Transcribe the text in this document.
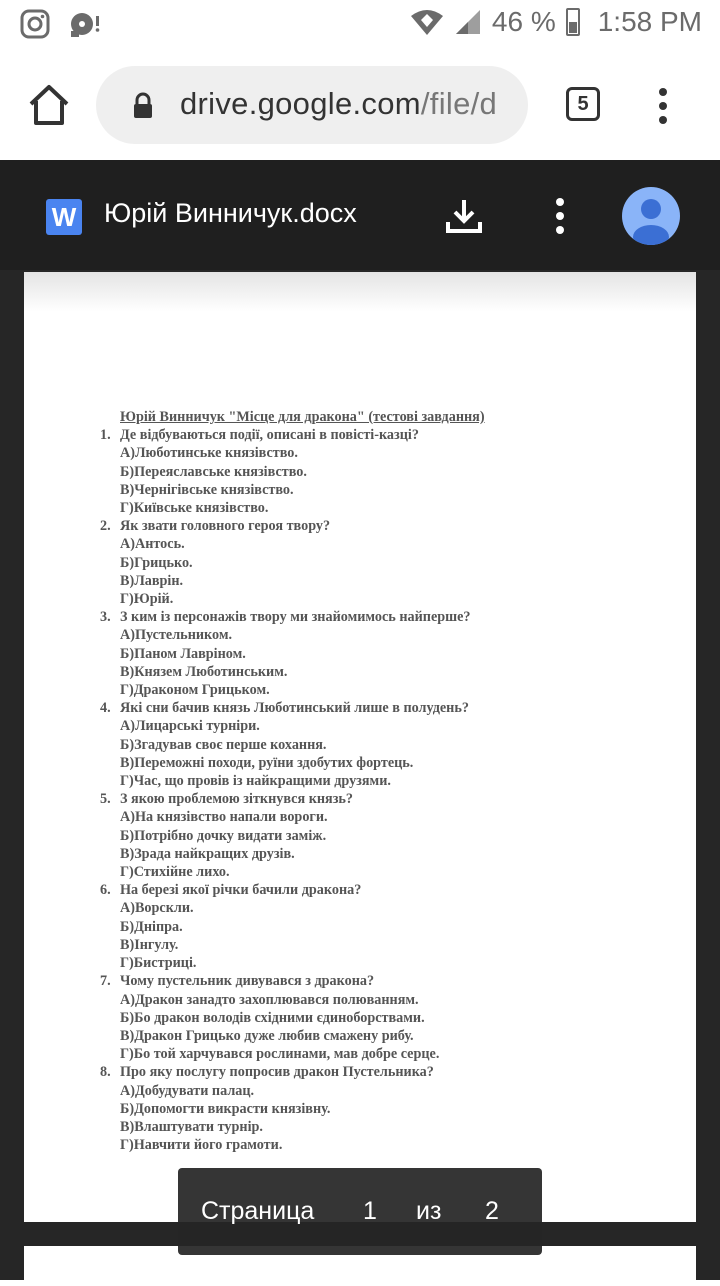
46 % 1:58 PM
drive.google.com/file/d	5
W Юрій Винничук.docx
Юрій Винничук "Місце для дракона" (тестові завдання)
1. Де відбуваються події, описані в повісті-казці?
А)Люботинське князівство.
Б)Переяславське князівство.
В)Чернігівське князівство.
Г)Київське князівство.
2. Як звати головного героя твору?
А)Антось.
Б)Грицько.
В)Лаврін.
Г)Юрій.
3. З ким із персонажів твору ми знайомимось найперше?
А)Пустельником.
Б)Паном Лавріном.
В)Князем Люботинським.
Г)Драконом Грицьком.
4. Які сни бачив князь Люботинський лише в полудень?
А)Лицарські турніри.
Б)Згадував своє перше кохання.
В)Переможні походи, руїни здобутих фортець.
Г)Час, що провів із найкращими друзями.
5. З якою проблемою зіткнувся князь?
А)На князівство напали вороги.
Б)Потрібно дочку видати заміж.
В)Зрада найкращих друзів.
Г)Стихійне лихо.
6. На березі якої річки бачили дракона?
А)Ворскли.
Б)Дніпра.
В)Інгулу.
Г)Бистриці.
7. Чому пустельник дивувався з дракона?
А)Дракон занадто захоплювався полюванням.
Б)Бо дракон володів східними єдиноборствами.
В)Дракон Грицько дуже любив смажену рибу.
Г)Бо той харчувався рослинами, мав добре серце.
8. Про яку послугу попросив дракон Пустельника?
А)Добудувати палац.
Б)Допомогти викрасти князівну.
В)Влаштувати турнір.
Г)Навчити його грамоти.
Страница 1 из 2
